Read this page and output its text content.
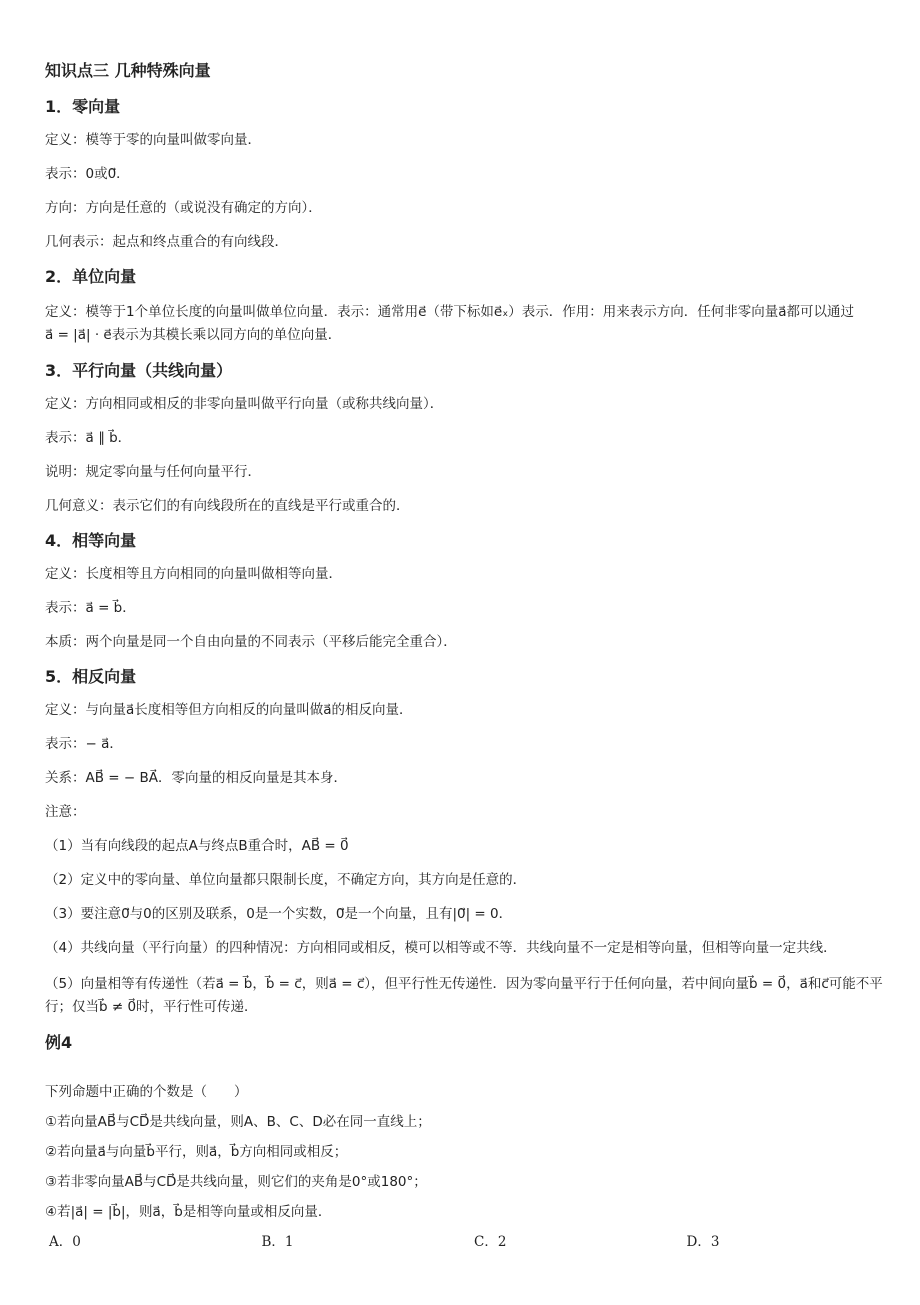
知识点三 几种特殊向量
1．零向量

定义：模等于零的向量叫做零向量．

表示：0或0⃗．

方向：方向是任意的（或说没有确定的方向）．

几何表示：起点和终点重合的有向线段．

2．单位向量

定义：模等于1个单位长度的向量叫做单位向量．表示：通常用e⃗（带下标如e⃗ₓ）表示．作用：用来表示方向．任何非零向量a⃗都可以通过

a⃗ = |a⃗| · e⃗表示为其模长乘以同方向的单位向量．

3．平行向量（共线向量）

定义：方向相同或相反的非零向量叫做平行向量（或称共线向量）．

表示：a⃗ ∥ b⃗．

说明：规定零向量与任何向量平行．

几何意义：表示它们的有向线段所在的直线是平行或重合的．

4．相等向量

定义：长度相等且方向相同的向量叫做相等向量．

表示：a⃗ = b⃗．

本质：两个向量是同一个自由向量的不同表示（平移后能完全重合）．

5．相反向量

定义：与向量a⃗长度相等但方向相反的向量叫做a⃗的相反向量．

表示：− a⃗．

关系：AB⃗ = − BA⃗．零向量的相反向量是其本身．

注意：

（1）当有向线段的起点A与终点B重合时，AB⃗ = 0⃗

（2）定义中的零向量、单位向量都只限制长度，不确定方向，其方向是任意的．

（3）要注意0⃗与0的区别及联系，0是一个实数，0⃗是一个向量，且有|0⃗| = 0．

（4）共线向量（平行向量）的四种情况：方向相同或相反，模可以相等或不等．共线向量不一定是相等向量，但相等向量一定共线．

（5）向量相等有传递性（若a⃗ = b⃗，b⃗ = c⃗，则a⃗ = c⃗），但平行性无传递性．因为零向量平行于任何向量，若中间向量b⃗ = 0⃗，a⃗和c⃗可能不平

行；仅当b⃗ ≠ 0⃗时，平行性可传递．

例4

下列命题中正确的个数是（　　）

①若向量AB⃗与CD⃗是共线向量，则A、B、C、D必在同一直线上；

②若向量a⃗与向量b⃗平行，则a⃗，b⃗方向相同或相反；

③若非零向量AB⃗与CD⃗是共线向量，则它们的夹角是0°或180°；

④若|a⃗| = |b⃗|，则a⃗，b⃗是相等向量或相反向量．

A．0	B．1	C．2	D．3
